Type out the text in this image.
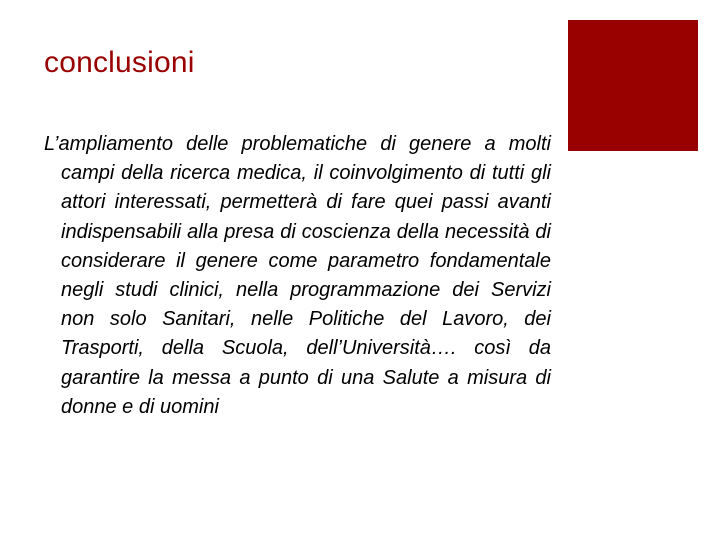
conclusioni

L’ampliamento delle problematiche di genere a molti campi della ricerca medica, il coinvolgimento di tutti gli attori interessati, permetterà di fare quei passi avanti indispensabili alla presa di coscienza della necessità di considerare il genere come parametro fondamentale negli studi clinici, nella programmazione dei Servizi non solo Sanitari, nelle Politiche del Lavoro, dei Trasporti, della Scuola, dell’Università…. così da garantire la messa a punto di una Salute a misura di donne e di uomini
